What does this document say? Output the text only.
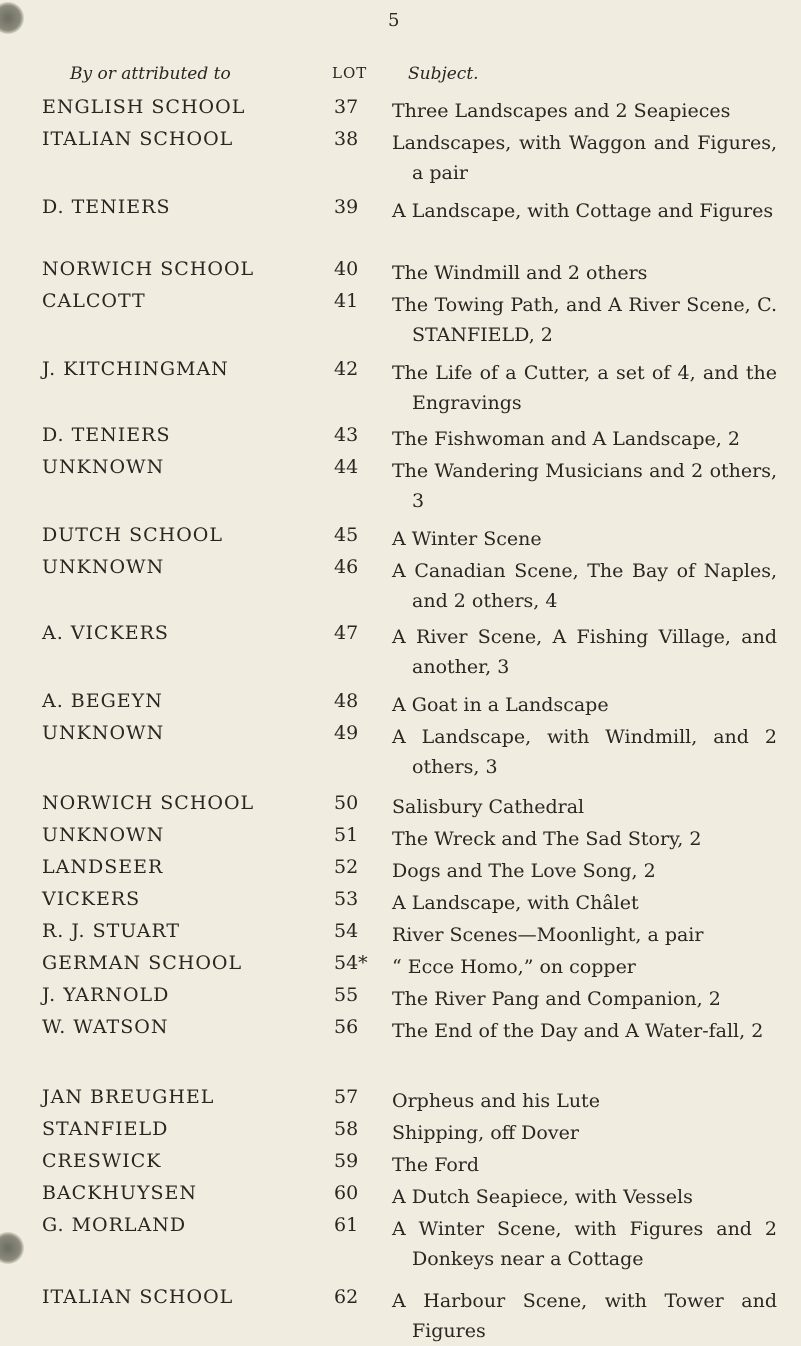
5
By or attributed to	LOT Subject.
ENGLISH SCHOOL	37	Three Landscapes and 2 Seapieces
ITALIAN SCHOOL	38	Landscapes, with Waggon and Figures, a pair
D. TENIERS	39	A Landscape, with Cottage and Figures
NORWICH SCHOOL	40	The Windmill and 2 others
CALCOTT	41	The Towing Path, and A River Scene, C. STANFIELD, 2
J. KITCHINGMAN	42	The Life of a Cutter, a set of 4, and the Engravings
D. TENIERS	43	The Fishwoman and A Landscape, 2
UNKNOWN	44	The Wandering Musicians and 2 others, 3
DUTCH SCHOOL	45	A Winter Scene
UNKNOWN	46	A Canadian Scene, The Bay of Naples, and 2 others, 4
A. VICKERS	47	A River Scene, A Fishing Village, and another, 3
A. BEGEYN	48	A Goat in a Landscape
UNKNOWN	49	A Landscape, with Windmill, and 2 others, 3
NORWICH SCHOOL	50	Salisbury Cathedral
UNKNOWN	51	The Wreck and The Sad Story, 2
LANDSEER	52	Dogs and The Love Song, 2
VICKERS	53	A Landscape, with Châlet
R. J. STUART	54	River Scenes—Moonlight, a pair
GERMAN SCHOOL	54*	“ Ecce Homo,” on copper
J. YARNOLD	55	The River Pang and Companion, 2
W. WATSON	56	The End of the Day and A Water-fall, 2
JAN BREUGHEL	57	Orpheus and his Lute
STANFIELD	58	Shipping, off Dover
CRESWICK	59	The Ford
BACKHUYSEN	60	A Dutch Seapiece, with Vessels
G. MORLAND	61	A Winter Scene, with Figures and 2 Donkeys near a Cottage
ITALIAN SCHOOL	62	A Harbour Scene, with Tower and Figures
